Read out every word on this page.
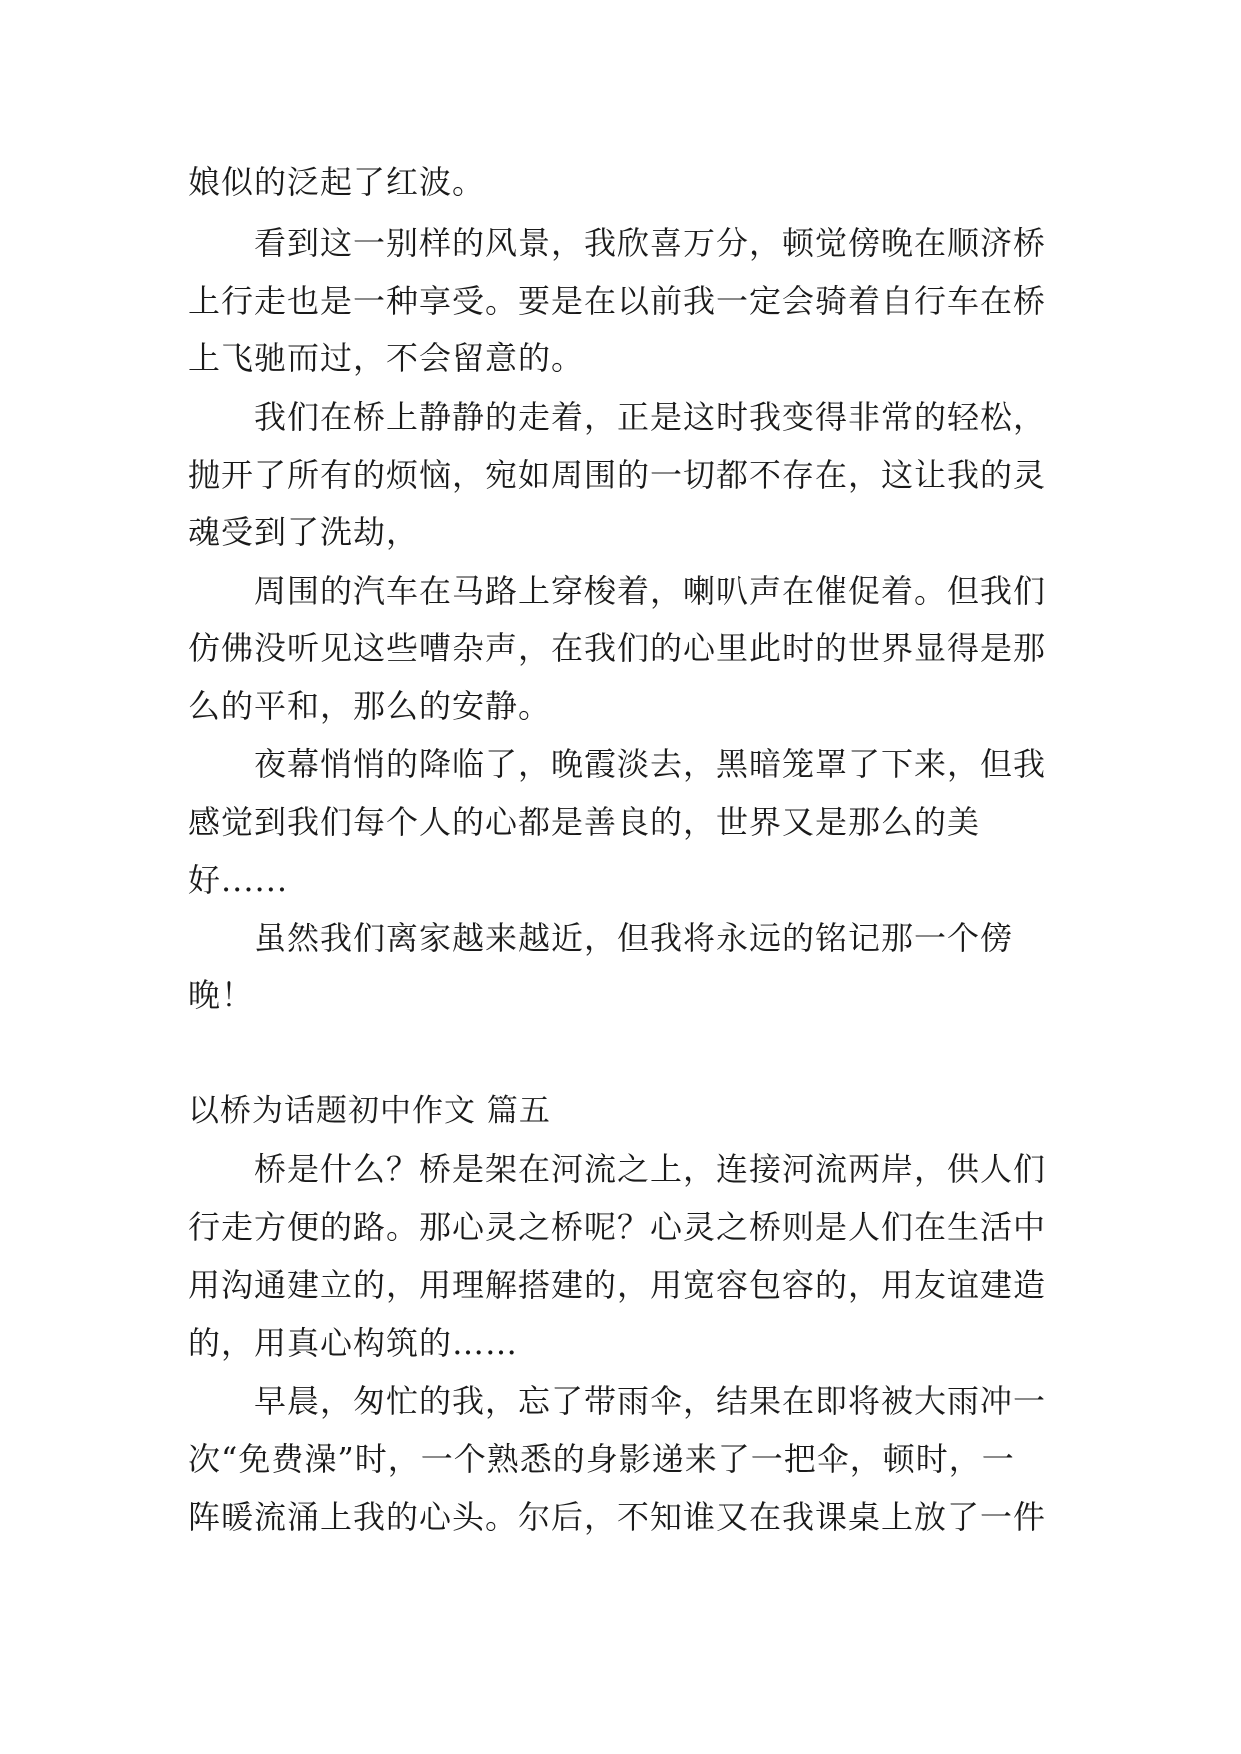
娘似的泛起了红波。

看到这一别样的风景，我欣喜万分，顿觉傍晚在顺济桥

上行走也是一种享受。要是在以前我一定会骑着自行车在桥

上飞驰而过，不会留意的。

我们在桥上静静的走着，正是这时我变得非常的轻松，

抛开了所有的烦恼，宛如周围的一切都不存在，这让我的灵

魂受到了洗劫，

周围的汽车在马路上穿梭着，喇叭声在催促着。但我们

仿佛没听见这些嘈杂声，在我们的心里此时的世界显得是那

么的平和，那么的安静。

夜幕悄悄的降临了，晚霞淡去，黑暗笼罩了下来，但我

感觉到我们每个人的心都是善良的，世界又是那么的美

好......

虽然我们离家越来越近，但我将永远的铭记那一个傍

晚！

以桥为话题初中作文 篇五

桥是什么？桥是架在河流之上，连接河流两岸，供人们

行走方便的路。那心灵之桥呢？心灵之桥则是人们在生活中

用沟通建立的，用理解搭建的，用宽容包容的，用友谊建造

的，用真心构筑的……

早晨，匆忙的我，忘了带雨伞，结果在即将被大雨冲一

次“免费澡”时，一个熟悉的身影递来了一把伞，顿时，一

阵暖流涌上我的心头。尔后，不知谁又在我课桌上放了一件
